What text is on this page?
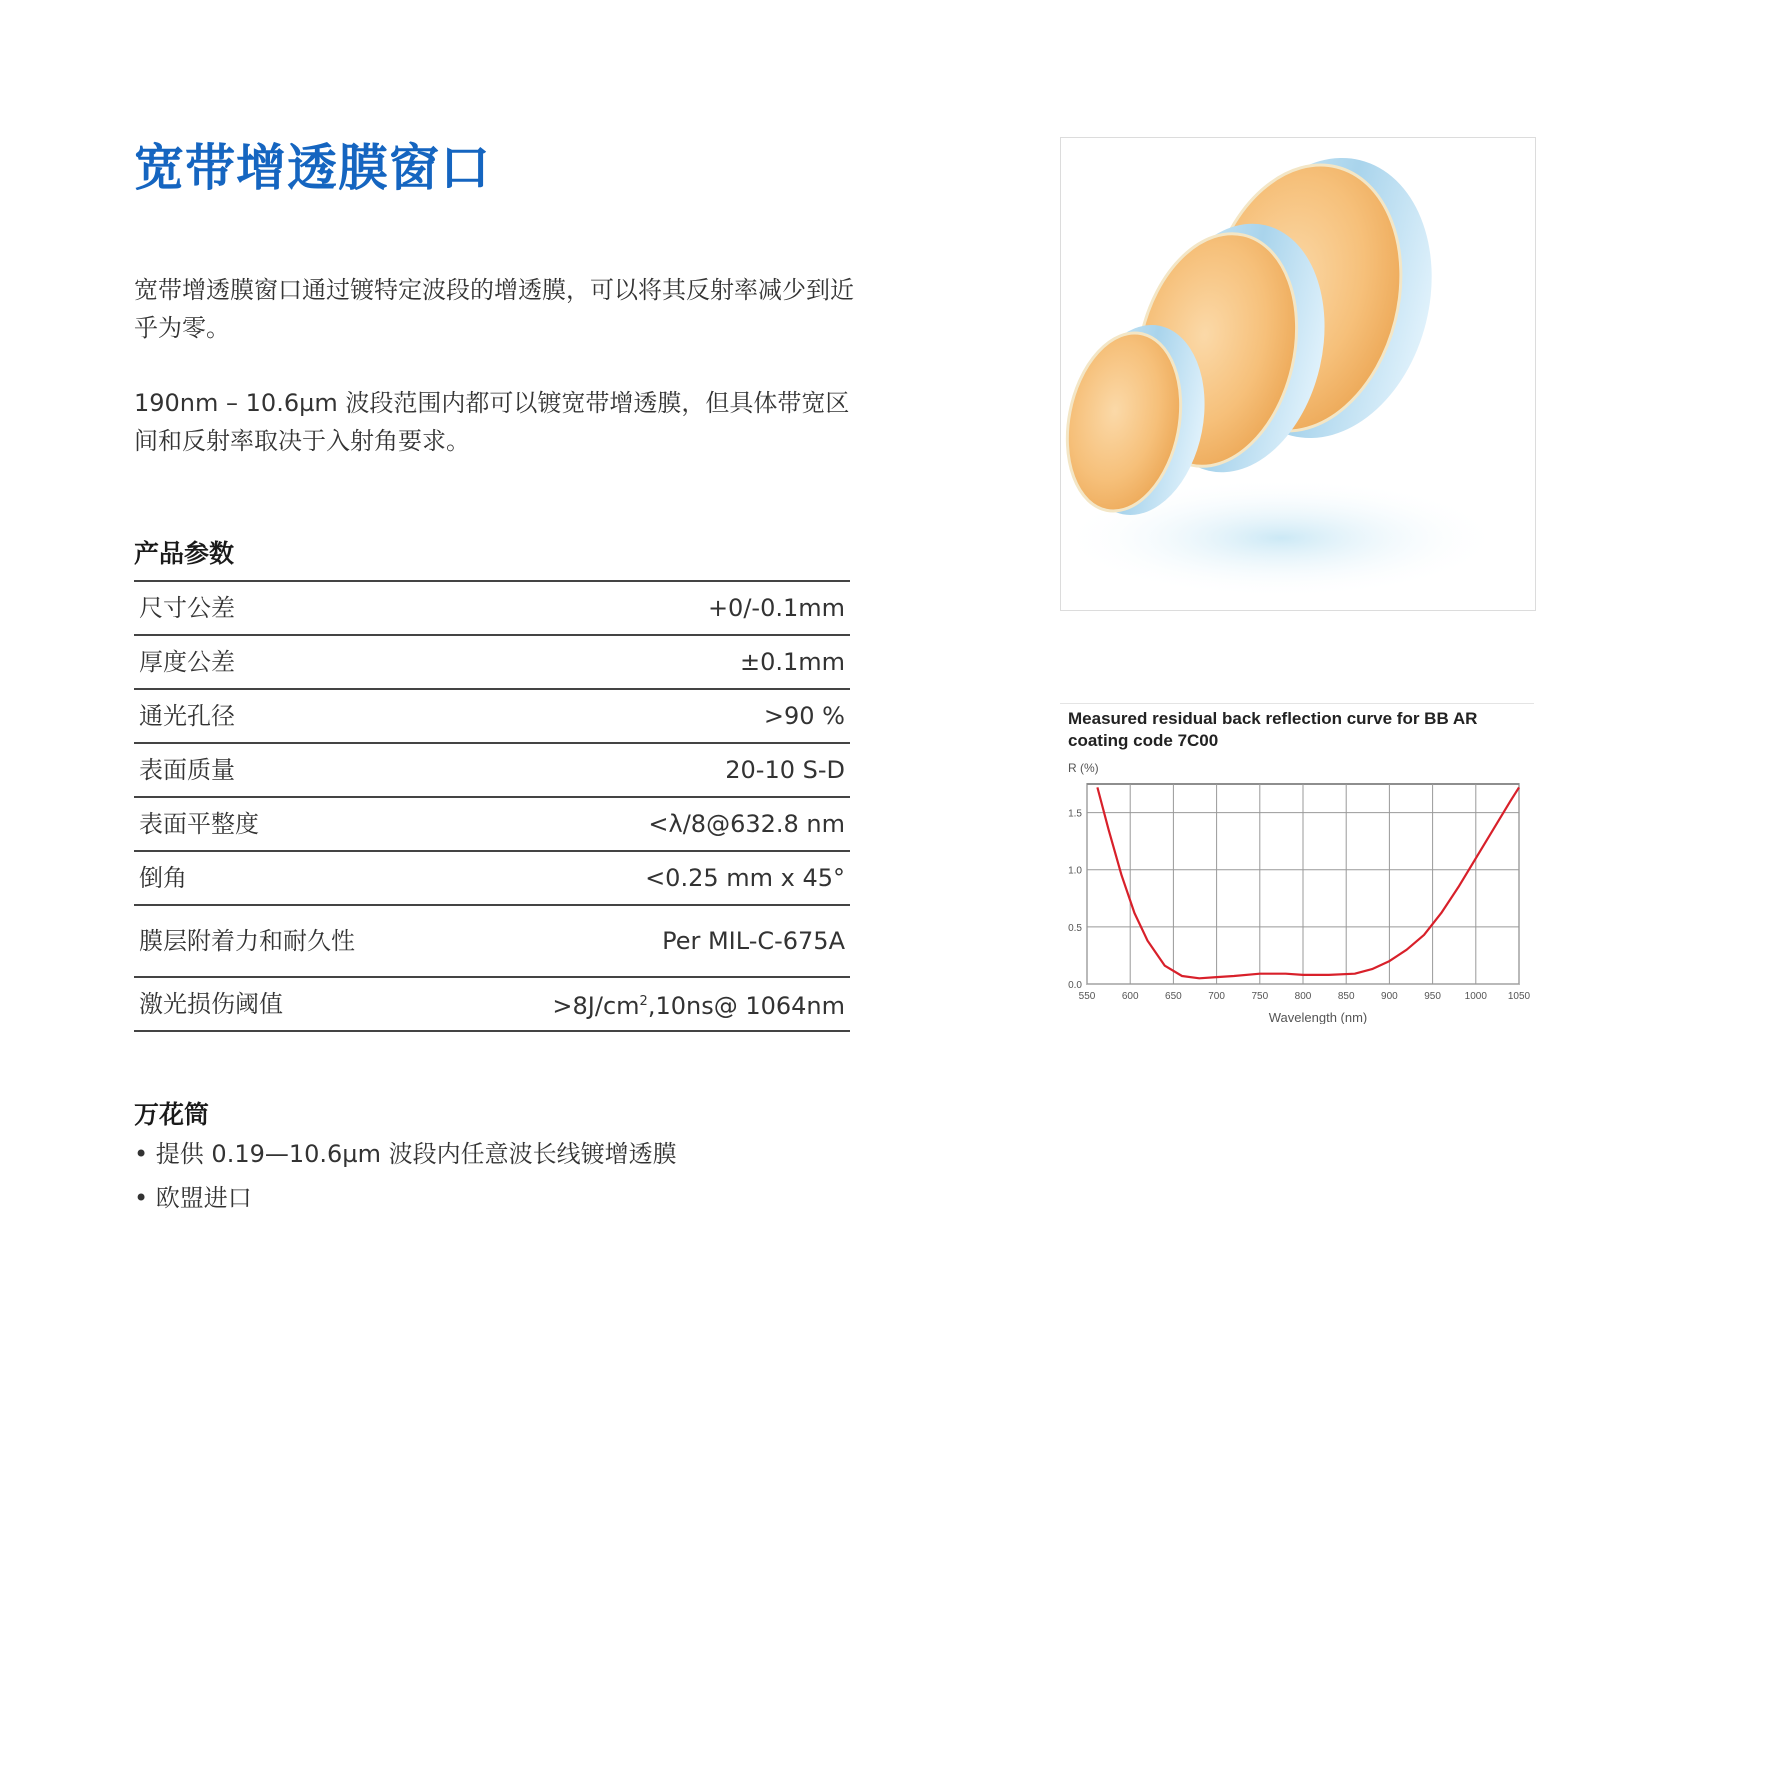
宽带增透膜窗口

宽带增透膜窗口通过镀特定波段的增透膜，可以将其反射率减少到近乎为零。

190nm – 10.6µm 波段范围内都可以镀宽带增透膜，但具体带宽区间和反射率取决于入射角要求。

产品参数
尺寸公差	+0/-0.1mm
厚度公差	±0.1mm
通光孔径	>90 %
表面质量	20-10 S-D
表面平整度	<λ/8@632.8 nm
倒角	<0.25 mm x 45°
膜层附着力和耐久性	Per MIL-C-675A
激光损伤阈值	$>8J/cm^2,10ns@$ 1064nm
万花筒
• 提供 0.19—10.6µm 波段内任意波长线镀增透膜
• 欧盟进口

Measured residual back reflection curve for BB AR coating code 7C00

R (%)
Wavelength (nm)
550	600	650	700	750	800	850	900	950 1000 1050
0.0
0.5
1.0
1.5
